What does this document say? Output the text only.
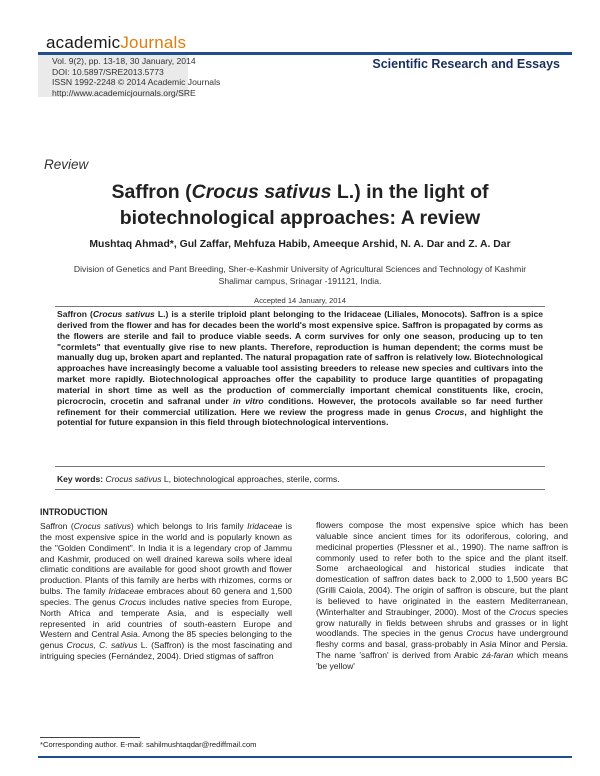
academicJournals
Vol. 9(2), pp. 13-18, 30 January, 2014
DOI: 10.5897/SRE2013.5773
ISSN 1992-2248 © 2014 Academic Journals
http://www.academicjournals.org/SRE
Scientific Research and Essays
Review
Saffron (Crocus sativus L.) in the light of biotechnological approaches: A review
Mushtaq Ahmad*, Gul Zaffar, Mehfuza Habib, Ameeque Arshid, N. A. Dar and Z. A. Dar
Division of Genetics and Pant Breeding, Sher-e-Kashmir University of Agricultural Sciences and Technology of Kashmir Shalimar campus, Srinagar -191121, India.
Accepted 14 January, 2014
Saffron (Crocus sativus L.) is a sterile triploid plant belonging to the Iridaceae (Liliales, Monocots). Saffron is a spice derived from the flower and has for decades been the world's most expensive spice. Saffron is propagated by corms as the flowers are sterile and fail to produce viable seeds. A corm survives for only one season, producing up to ten "cormlets" that eventually give rise to new plants. Therefore, reproduction is human dependent; the corms must be manually dug up, broken apart and replanted. The natural propagation rate of saffron is relatively low. Biotechnological approaches have increasingly become a valuable tool assisting breeders to release new species and cultivars into the market more rapidly. Biotechnological approaches offer the capability to produce large quantities of propagating material in short time as well as the production of commercially important chemical constituents like, crocin, picrocrocin, crocetin and safranal under in vitro conditions. However, the protocols available so far need further refinement for their commercial utilization. Here we review the progress made in genus Crocus, and highlight the potential for future expansion in this field through biotechnological interventions.
Key words: Crocus sativus L, biotechnological approaches, sterile, corms.
INTRODUCTION
Saffron (Crocus sativus) which belongs to Iris family Iridaceae is the most expensive spice in the world and is popularly known as the "Golden Condiment". In India it is a legendary crop of Jammu and Kashmir, produced on well drained karewa soils where ideal climatic conditions are available for good shoot growth and flower production. Plants of this family are herbs with rhizomes, corms or bulbs. The family Iridaceae embraces about 60 genera and 1,500 species. The genus Crocus includes native species from Europe, North Africa and temperate Asia, and is especially well represented in arid countries of south-eastern Europe and Western and Central Asia. Among the 85 species belonging to the genus Crocus, C. sativus L. (Saffron) is the most fascinating and intriguing species (Fernández, 2004). Dried stigmas of saffron
flowers compose the most expensive spice which has been valuable since ancient times for its odoriferous, coloring, and medicinal properties (Plessner et al., 1990). The name saffron is commonly used to refer both to the spice and the plant itself. Some archaeological and historical studies indicate that domestication of saffron dates back to 2,000 to 1,500 years BC (Grilli Caiola, 2004). The origin of saffron is obscure, but the plant is believed to have originated in the eastern Mediterranean, (Winterhalter and Straubinger, 2000). Most of the Crocus species grow naturally in fields between shrubs and grasses or in light woodlands. The species in the genus Crocus have underground fleshy corms and basal, grass-probably in Asia Minor and Persia. The name 'saffron' is derived from Arabic zá-faran which means 'be yellow'
*Corresponding author. E-mail: sahilmushtaqdar@rediffmail.com
